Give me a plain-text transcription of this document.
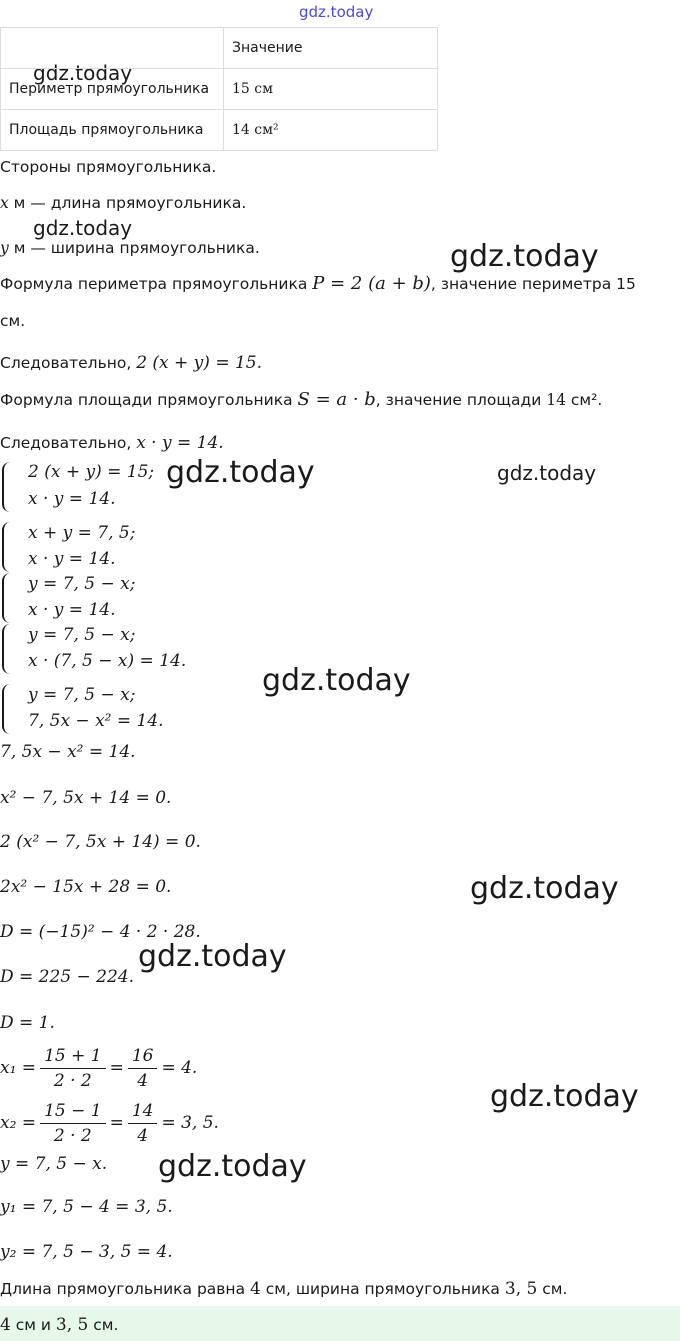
gdz.today
gdz.today
gdz.today
gdz.today
gdz.today	gdz.today
gdz.today
gdz.today
gdz.today
gdz.today
gdz.today
	Значение
Периметр прямоугольника	15 см
Площадь прямоугольника	14 см²
Стороны прямоугольника.
x м — длина прямоугольника.
y м — ширина прямоугольника.
Формула периметра прямоугольника P = 2 (a + b), значение периметра 15
см.
Следовательно, 2 (x + y) = 15.
Формула площади прямоугольника S = a · b, значение площади 14 см².
Следовательно, x · y = 14.
2 (x + y) = 15;
x · y = 14.
x + y = 7, 5;
x · y = 14.
y = 7, 5 − x;
x · y = 14.
y = 7, 5 − x;
x · (7, 5 − x) = 14.
y = 7, 5 − x;
7, 5x − x² = 14.
7, 5x − x² = 14.
x² − 7, 5x + 14 = 0.
2 (x² − 7, 5x + 14) = 0.
2x² − 15x + 28 = 0.
D = (−15)² − 4 · 2 · 28.
D = 225 − 224.
D = 1.
$x_1 = \frac{15 + 1}{2 \cdot 2} = \frac{16}{4} = 4$.
$x_2 = \frac{15 - 1}{2 \cdot 2} = \frac{14}{4} = 3$, 5.
y = 7, 5 − x.
y₁ = 7, 5 − 4 = 3, 5.
y₂ = 7, 5 − 3, 5 = 4.
Длина прямоугольника равна 4 см, ширина прямоугольника 3, 5 см.
4 см и 3, 5 см.
